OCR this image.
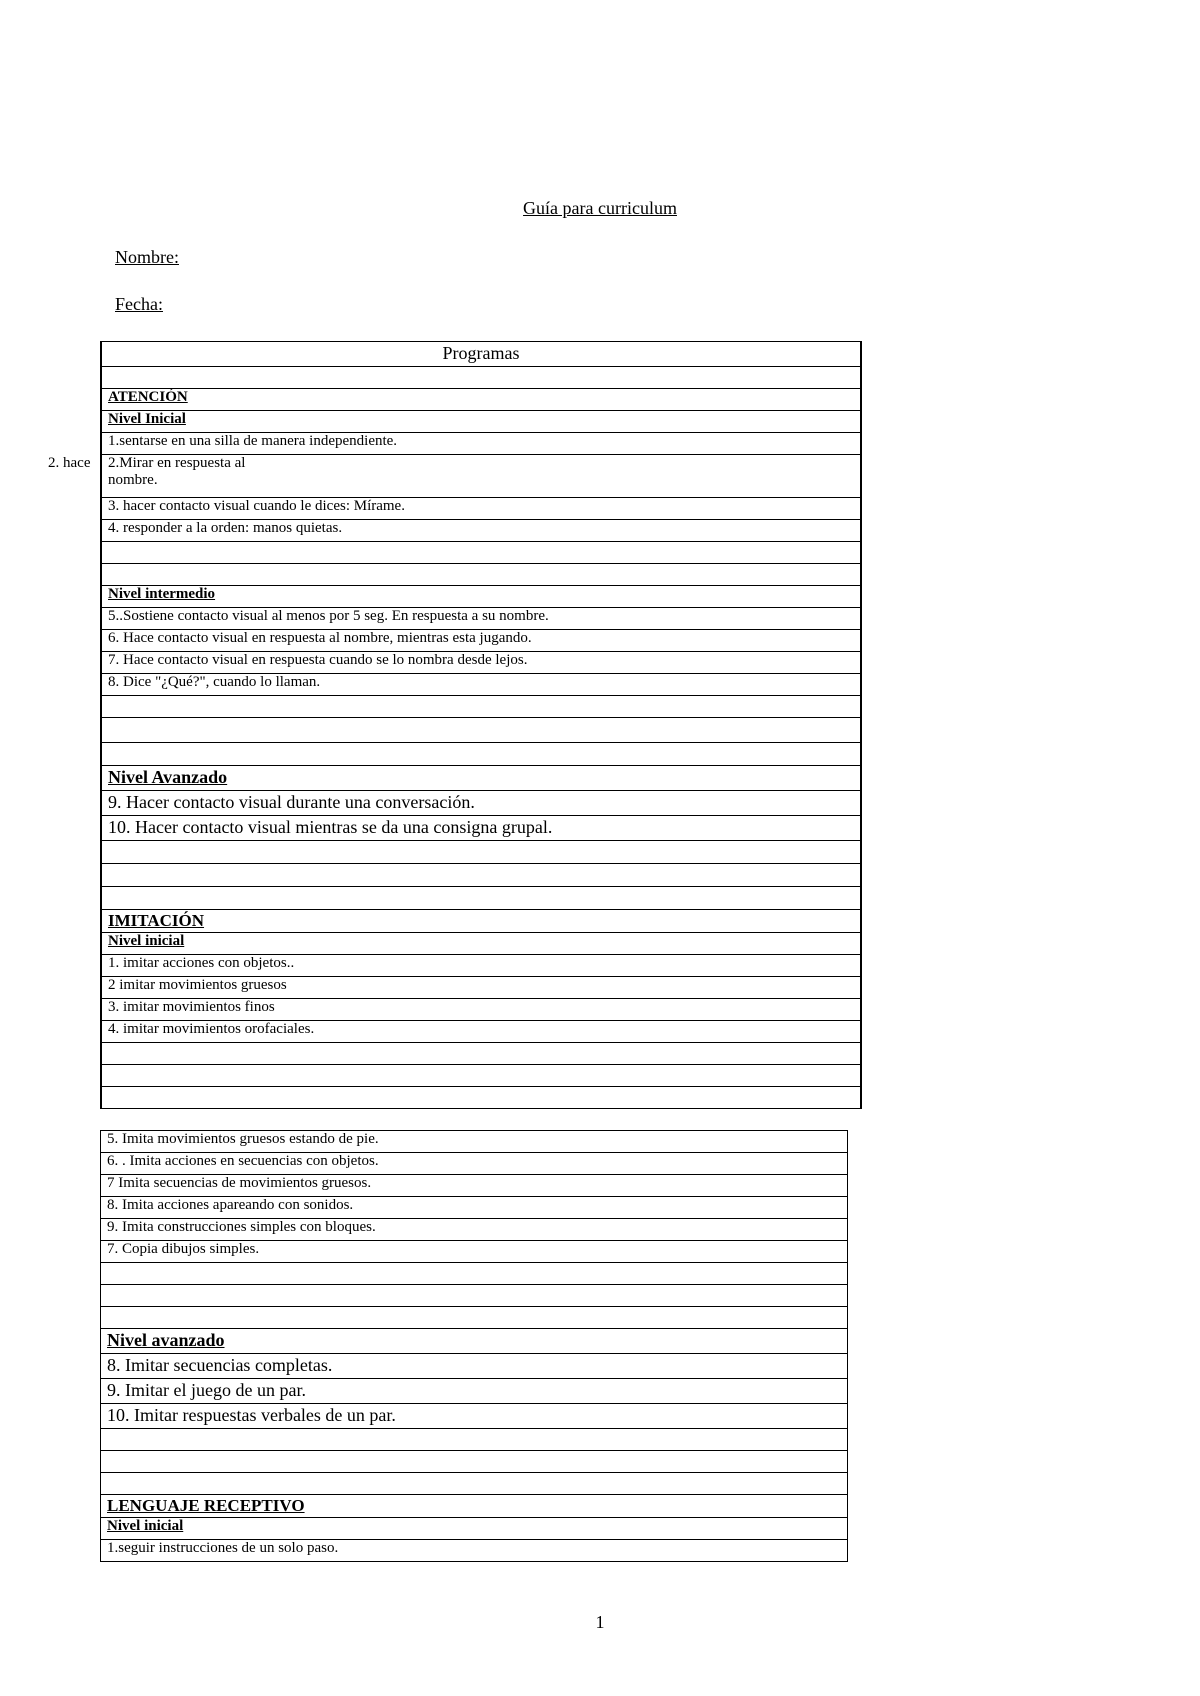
Guía para curriculum
Nombre:
Fecha:
2. hace
Programas

ATENCIÓN
Nivel Inicial
1.sentarse en una silla de manera independiente.

2.Mirar en respuesta al nombre.

3. hacer contacto visual cuando le dices: Mírame.
4. responder a la orden: manos quietas.

Nivel intermedio
5..Sostiene contacto visual al menos por 5 seg. En respuesta a su nombre.
6. Hace contacto visual en respuesta al nombre, mientras esta jugando.
7. Hace contacto visual en respuesta cuando se lo nombra desde lejos.
8. Dice "¿Qué?", cuando lo llaman.

Nivel Avanzado
9. Hacer contacto visual durante una conversación.
10. Hacer contacto visual mientras se da una consigna grupal.

IMITACIÓN
Nivel inicial
1. imitar acciones con objetos..
2 imitar movimientos gruesos
3. imitar movimientos finos
4. imitar movimientos orofaciales.

5. Imita movimientos gruesos estando de pie.
6. . Imita acciones en secuencias con objetos.
7 Imita secuencias de movimientos gruesos.
8. Imita acciones apareando con sonidos.
9. Imita construcciones simples con bloques.
7. Copia dibujos simples.

Nivel avanzado
8. Imitar secuencias completas.
9. Imitar el juego de un par.
10. Imitar respuestas verbales de un par.

LENGUAJE RECEPTIVO
Nivel inicial
1.seguir instrucciones de un solo paso.
1
